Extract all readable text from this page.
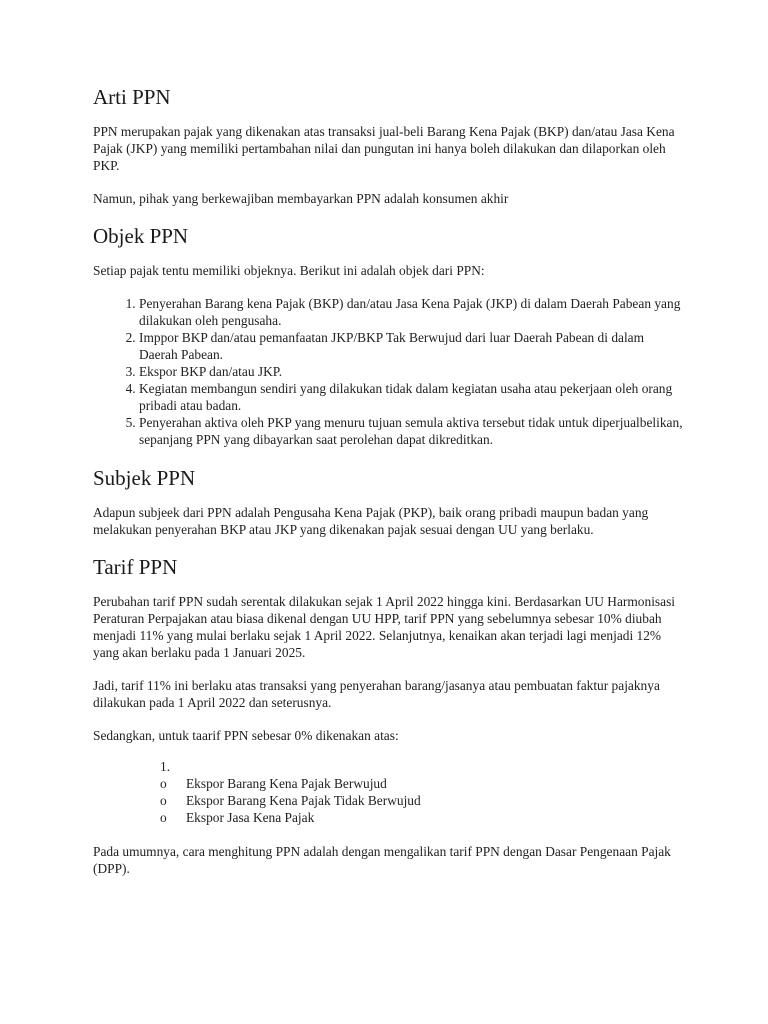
Arti PPN

PPN merupakan pajak yang dikenakan atas transaksi jual-beli Barang Kena Pajak (BKP) dan/atau Jasa Kena Pajak (JKP) yang memiliki pertambahan nilai dan pungutan ini hanya boleh dilakukan dan dilaporkan oleh PKP.

Namun, pihak yang berkewajiban membayarkan PPN adalah konsumen akhir

Objek PPN

Setiap pajak tentu memiliki objeknya. Berikut ini adalah objek dari PPN:

1. Penyerahan Barang kena Pajak (BKP) dan/atau Jasa Kena Pajak (JKP) di dalam Daerah Pabean yang dilakukan oleh pengusaha.
2. Imppor BKP dan/atau pemanfaatan JKP/BKP Tak Berwujud dari luar Daerah Pabean di dalam Daerah Pabean.
3. Ekspor BKP dan/atau JKP.
4. Kegiatan membangun sendiri yang dilakukan tidak dalam kegiatan usaha atau pekerjaan oleh orang pribadi atau badan.
5. Penyerahan aktiva oleh PKP yang menuru tujuan semula aktiva tersebut tidak untuk diperjualbelikan, sepanjang PPN yang dibayarkan saat perolehan dapat dikreditkan.
Subjek PPN

Adapun subjeek dari PPN adalah Pengusaha Kena Pajak (PKP), baik orang pribadi maupun badan yang melakukan penyerahan BKP atau JKP yang dikenakan pajak sesuai dengan UU yang berlaku.

Tarif PPN

Perubahan tarif PPN sudah serentak dilakukan sejak 1 April 2022 hingga kini. Berdasarkan UU Harmonisasi Peraturan Perpajakan atau biasa dikenal dengan UU HPP, tarif PPN yang sebelumnya sebesar 10% diubah menjadi 11% yang mulai berlaku sejak 1 April 2022. Selanjutnya, kenaikan akan terjadi lagi menjadi 12% yang akan berlaku pada 1 Januari 2025.

Jadi, tarif 11% ini berlaku atas transaksi yang penyerahan barang/jasanya atau pembuatan faktur pajaknya dilakukan pada 1 April 2022 dan seterusnya.

Sedangkan, untuk taarif PPN sebesar 0% dikenakan atas:

1.
o	Ekspor Barang Kena Pajak Berwujud
o	Ekspor Barang Kena Pajak Tidak Berwujud
o	Ekspor Jasa Kena Pajak

Pada umumnya, cara menghitung PPN adalah dengan mengalikan tarif PPN dengan Dasar Pengenaan Pajak (DPP).
